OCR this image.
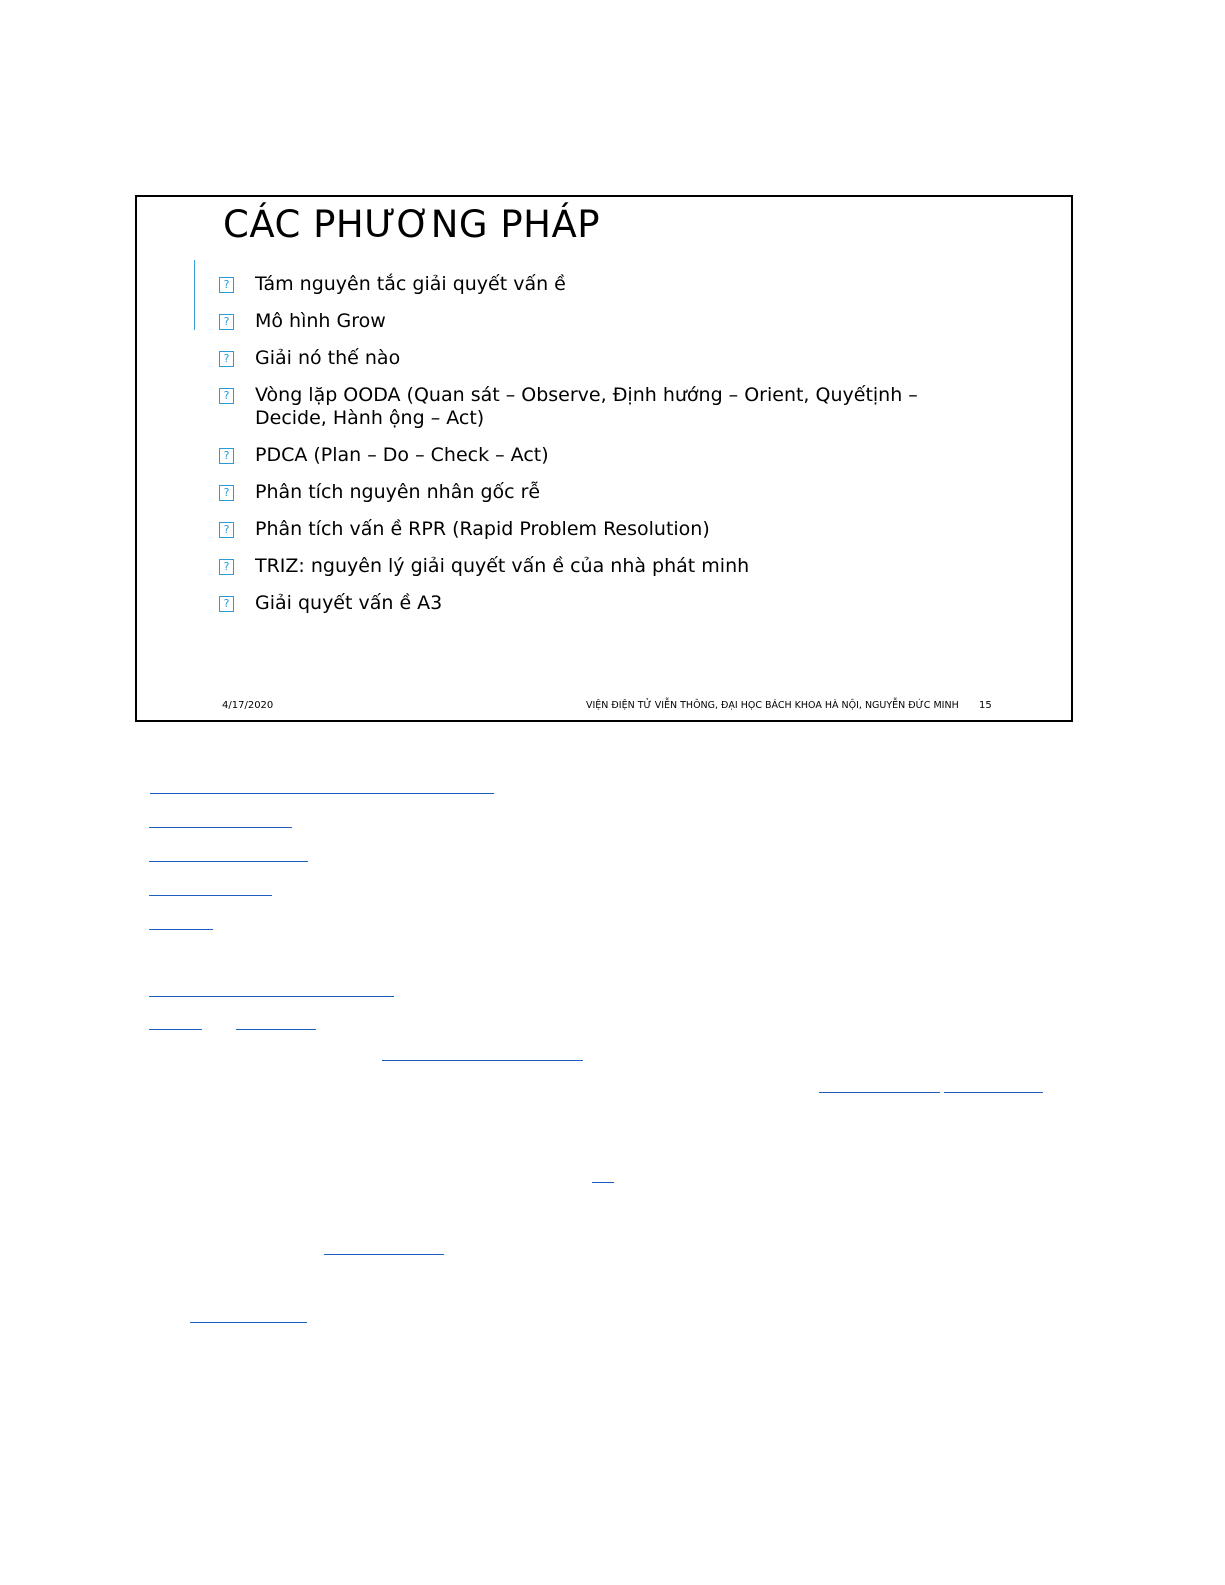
CÁC PHƯƠNG PHÁP
? Tám nguyên tắc giải quyết vấn ề
? Mô hình Grow
? Giải nó thế nào
? Vòng lặp OODA (Quan sát – Observe, Định hướng – Orient, Quyếtịnh – Decide, Hành ộng – Act)
? PDCA (Plan – Do – Check – Act)
? Phân tích nguyên nhân gốc rễ
? Phân tích vấn ề RPR (Rapid Problem Resolution)
? TRIZ: nguyên lý giải quyết vấn ề của nhà phát minh
? Giải quyết vấn ề A3
4/17/2020	VIỆN ĐIỆN TỬ VIỄN THÔNG, ĐẠI HỌC BÁCH KHOA HÀ NỘI, NGUYỄN ĐỨC MINH 15
